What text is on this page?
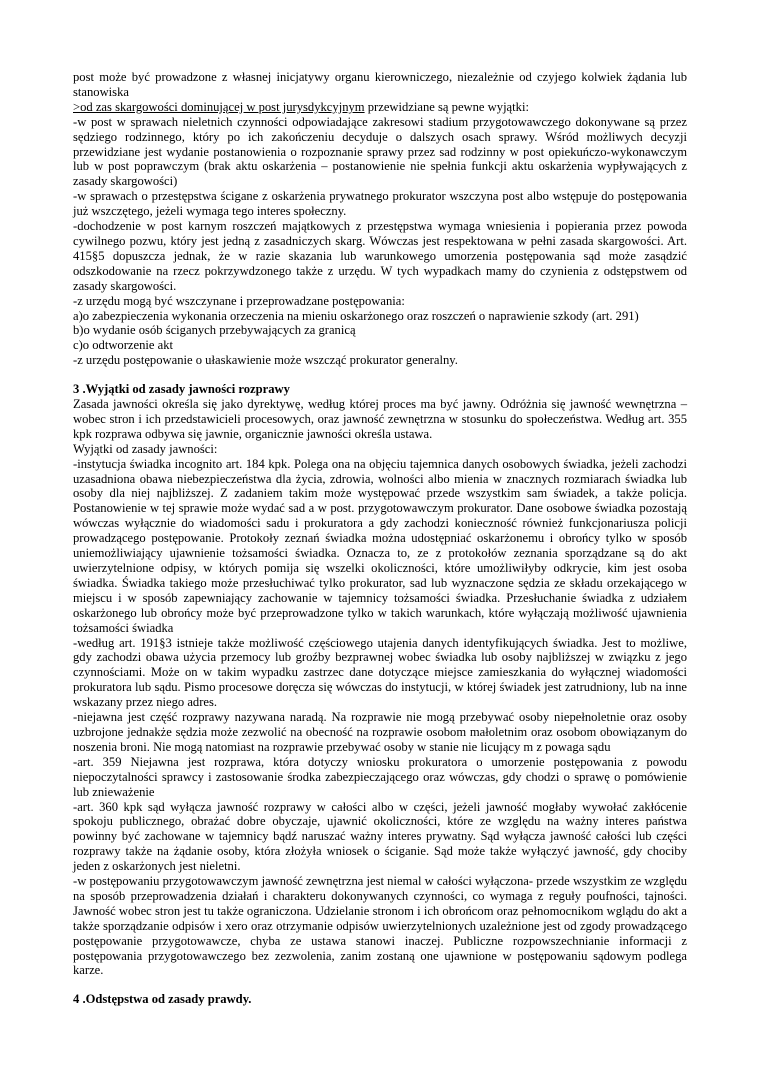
post może być prowadzone z własnej inicjatywy organu kierowniczego, niezależnie od czyjego kolwiek żądania lub stanowiska

>od zas skargowości dominującej w post jurysdykcyjnym przewidziane są pewne wyjątki:

-w post w sprawach nieletnich czynności odpowiadające zakresowi stadium przygotowawczego dokonywane są przez sędziego rodzinnego, który po ich zakończeniu decyduje o dalszych osach sprawy. Wśród możliwych decyzji przewidziane jest wydanie postanowienia o rozpoznanie sprawy przez sad rodzinny w post opiekuńczo-wykonawczym lub w post poprawczym (brak aktu oskarżenia – postanowienie nie spełnia funkcji aktu oskarżenia wypływających z zasady skargowości)

-w sprawach o przestępstwa ścigane z oskarżenia prywatnego prokurator wszczyna post albo wstępuje do postępowania już wszczętego, jeżeli wymaga tego interes społeczny.

-dochodzenie w post karnym roszczeń majątkowych z przestępstwa wymaga wniesienia i popierania przez powoda cywilnego pozwu, który jest jedną z zasadniczych skarg. Wówczas jest respektowana w pełni zasada skargowości. Art. 415§5 dopuszcza jednak, że w razie skazania lub warunkowego umorzenia postępowania sąd może zasądzić odszkodowanie na rzecz pokrzywdzonego także z urzędu. W tych wypadkach mamy do czynienia z odstępstwem od zasady skargowości.

-z urzędu mogą być wszczynane i przeprowadzane postępowania:

a)o zabezpieczenia wykonania orzeczenia na mieniu oskarżonego oraz roszczeń o naprawienie szkody (art. 291)

b)o wydanie osób ściganych przebywających za granicą

c)o odtworzenie akt

-z urzędu postępowanie o ułaskawienie może wszcząć prokurator generalny.

3 .Wyjątki od zasady jawności rozprawy

Zasada jawności określa się jako dyrektywę, według której proces ma być jawny. Odróżnia się jawność wewnętrzna – wobec stron i ich przedstawicieli procesowych, oraz jawność zewnętrzna w stosunku do społeczeństwa. Według art. 355 kpk rozprawa odbywa się jawnie, organicznie jawności określa ustawa.

Wyjątki od zasady jawności:

-instytucja świadka incognito art. 184 kpk. Polega ona na objęciu tajemnica danych osobowych świadka, jeżeli zachodzi uzasadniona obawa niebezpieczeństwa dla życia, zdrowia, wolności albo mienia w znacznych rozmiarach świadka lub osoby dla niej najbliższej. Z zadaniem takim może występować przede wszystkim sam świadek, a także policja. Postanowienie w tej sprawie może wydać sad a w post. przygotowawczym prokurator. Dane osobowe świadka pozostają wówczas wyłącznie do wiadomości sadu i prokuratora a gdy zachodzi konieczność również funkcjonariusza policji prowadzącego postępowanie. Protokoły zeznań świadka można udostępniać oskarżonemu i obrońcy tylko w sposób uniemożliwiający ujawnienie tożsamości świadka. Oznacza to, ze z protokołów zeznania sporządzane są do akt uwierzytelnione odpisy, w których pomija się wszelki okoliczności, które umożliwiłyby odkrycie, kim jest osoba świadka. Świadka takiego może przesłuchiwać tylko prokurator, sad lub wyznaczone sędzia ze składu orzekającego w miejscu i w sposób zapewniający zachowanie w tajemnicy tożsamości świadka. Przesłuchanie świadka z udziałem oskarżonego lub obrońcy może być przeprowadzone tylko w takich warunkach, które wyłączają możliwość ujawnienia tożsamości świadka

-według art. 191§3 istnieje także możliwość częściowego utajenia danych identyfikujących świadka. Jest to możliwe, gdy zachodzi obawa użycia przemocy lub groźby bezprawnej wobec świadka lub osoby najbliższej w związku z jego czynnościami. Może on w takim wypadku zastrzec dane dotyczące miejsce zamieszkania do wyłącznej wiadomości prokuratora lub sądu. Pismo procesowe doręcza się wówczas do instytucji, w której świadek jest zatrudniony, lub na inne wskazany przez niego adres.

-niejawna jest część rozprawy nazywana naradą. Na rozprawie nie mogą przebywać osoby niepełnoletnie oraz osoby uzbrojone jednakże sędzia może zezwolić na obecność na rozprawie osobom małoletnim oraz osobom obowiązanym do noszenia broni. Nie mogą natomiast na rozprawie przebywać osoby w stanie nie licujący m z powaga sądu

-art. 359 Niejawna jest rozprawa, która dotyczy wniosku prokuratora o umorzenie postępowania z powodu niepoczytalności sprawcy i zastosowanie środka zabezpieczającego oraz wówczas, gdy chodzi o sprawę o pomówienie lub znieważenie

-art. 360 kpk sąd wyłącza jawność rozprawy w całości albo w części, jeżeli jawność mogłaby wywołać zakłócenie spokoju publicznego, obrażać dobre obyczaje, ujawnić okoliczności, które ze względu na ważny interes państwa powinny być zachowane w tajemnicy bądź naruszać ważny interes prywatny. Sąd wyłącza jawność całości lub części rozprawy także na żądanie osoby, która złożyła wniosek o ściganie. Sąd może także wyłączyć jawność, gdy chociby jeden z oskarżonych jest nieletni.

-w postępowaniu przygotowawczym jawność zewnętrzna jest niemal w całości wyłączona- przede wszystkim ze względu na sposób przeprowadzenia działań i charakteru dokonywanych czynności, co wymaga z reguły poufności, tajności. Jawność wobec stron jest tu także ograniczona. Udzielanie stronom i ich obrońcom oraz pełnomocnikom wglądu do akt a także sporządzanie odpisów i xero oraz otrzymanie odpisów uwierzytelnionych uzależnione jest od zgody prowadzącego postępowanie przygotowawcze, chyba ze ustawa stanowi inaczej. Publiczne rozpowszechnianie informacji z postępowania przygotowawczego bez zezwolenia, zanim zostaną one ujawnione w postępowaniu sądowym podlega karze.

4 .Odstępstwa od zasady prawdy.
